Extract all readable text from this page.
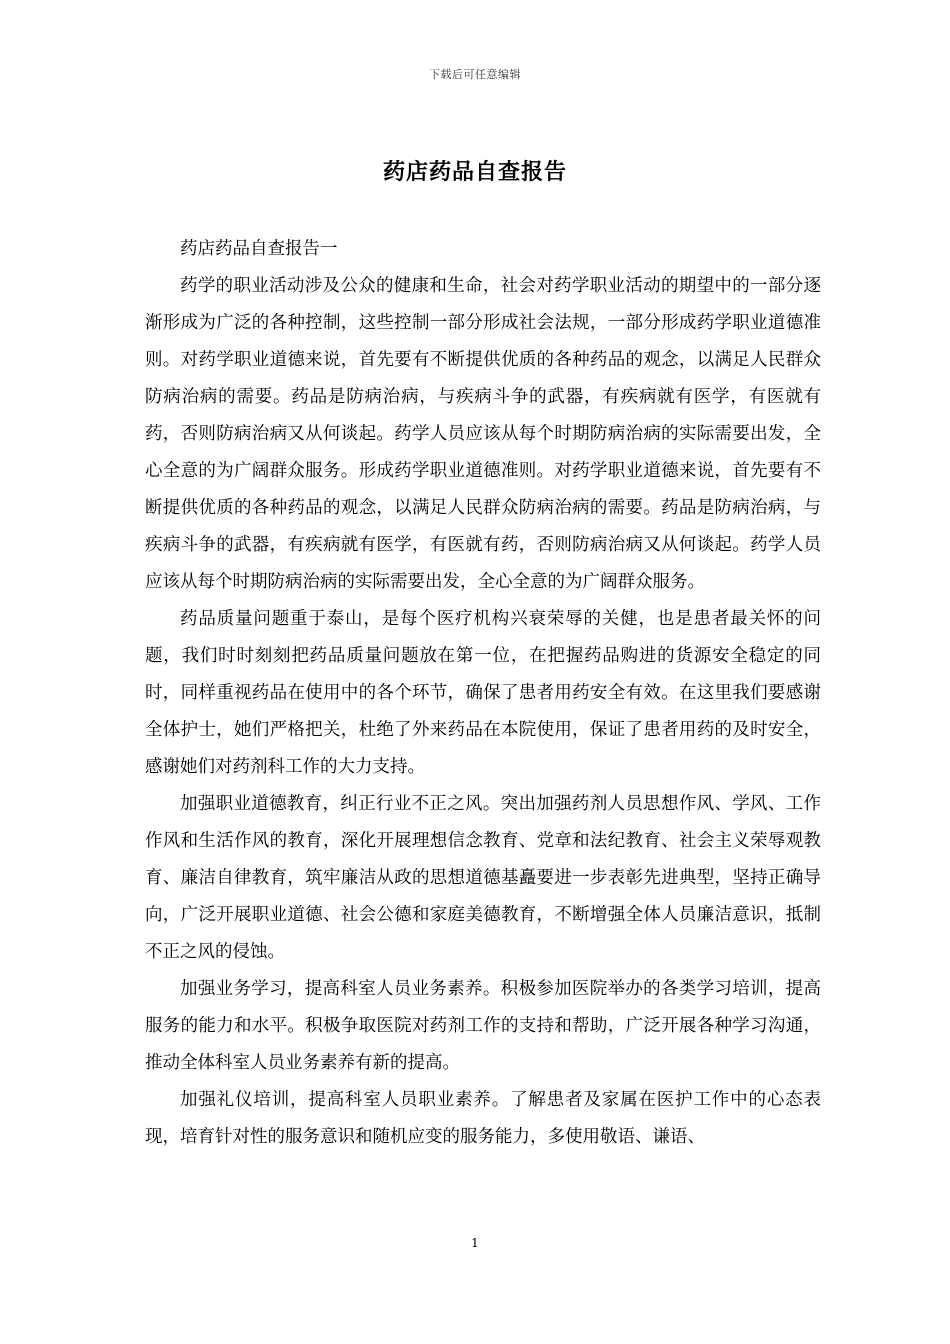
下载后可任意编辑
药店药品自查报告

药店药品自查报告一

药学的职业活动涉及公众的健康和生命，社会对药学职业活动的期望中的一部分逐渐形成为广泛的各种控制，这些控制一部分形成社会法规，一部分形成药学职业道德准则。对药学职业道德来说，首先要有不断提供优质的各种药品的观念，以满足人民群众防病治病的需要。药品是防病治病，与疾病斗争的武器，有疾病就有医学，有医就有药，否则防病治病又从何谈起。药学人员应该从每个时期防病治病的实际需要出发，全心全意的为广阔群众服务。形成药学职业道德准则。对药学职业道德来说，首先要有不断提供优质的各种药品的观念，以满足人民群众防病治病的需要。药品是防病治病，与疾病斗争的武器，有疾病就有医学，有医就有药，否则防病治病又从何谈起。药学人员应该从每个时期防病治病的实际需要出发，全心全意的为广阔群众服务。

药品质量问题重于泰山，是每个医疗机构兴衰荣辱的关健，也是患者最关怀的问题，我们时时刻刻把药品质量问题放在第一位，在把握药品购进的货源安全稳定的同时，同样重视药品在使用中的各个环节，确保了患者用药安全有效。在这里我们要感谢全体护士，她们严格把关，杜绝了外来药品在本院使用，保证了患者用药的及时安全，感谢她们对药剂科工作的大力支持。

加强职业道德教育，纠正行业不正之风。突出加强药剂人员思想作风、学风、工作作风和生活作风的教育，深化开展理想信念教育、党章和法纪教育、社会主义荣辱观教育、廉洁自律教育，筑牢廉洁从政的思想道德基矗要进一步表彰先进典型，坚持正确导向，广泛开展职业道德、社会公德和家庭美德教育，不断增强全体人员廉洁意识，抵制不正之风的侵蚀。

加强业务学习，提高科室人员业务素养。积极参加医院举办的各类学习培训，提高服务的能力和水平。积极争取医院对药剂工作的支持和帮助，广泛开展各种学习沟通，推动全体科室人员业务素养有新的提高。

加强礼仪培训，提高科室人员职业素养。了解患者及家属在医护工作中的心态表现，培育针对性的服务意识和随机应变的服务能力，多使用敬语、谦语、

1
